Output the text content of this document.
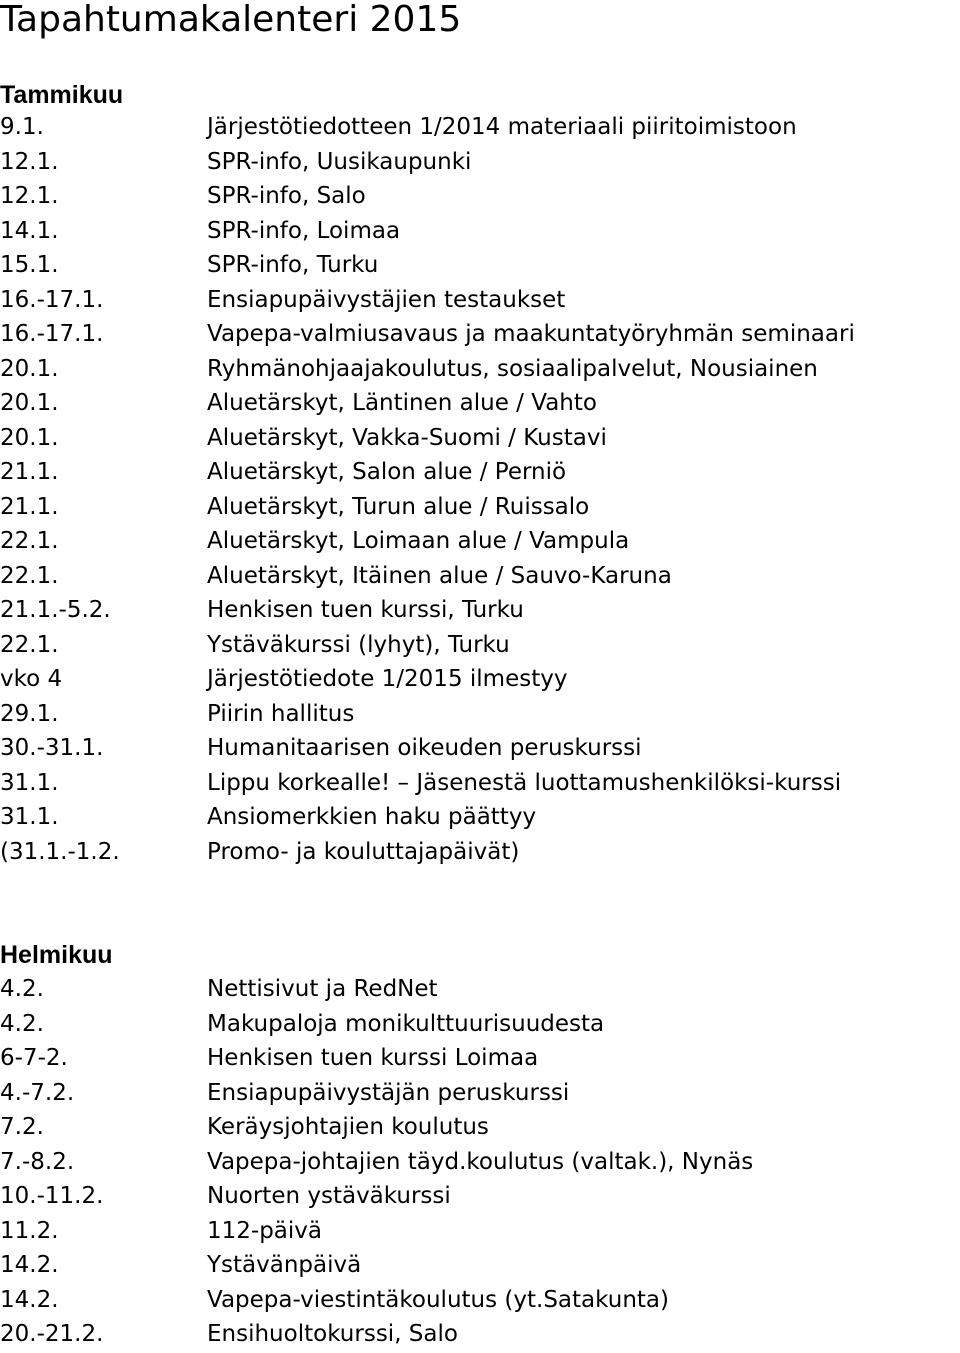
Tapahtumakalenteri 2015
Tammikuu
9.1.	Järjestötiedotteen 1/2014 materiaali piiritoimistoon
12.1.	SPR-info, Uusikaupunki
12.1.	SPR-info, Salo
14.1.	SPR-info, Loimaa
15.1.	SPR-info, Turku
16.-17.1.	Ensiapupäivystäjien testaukset
16.-17.1.	Vapepa-valmiusavaus ja maakuntatyöryhmän seminaari
20.1.	Ryhmänohjaajakoulutus, sosiaalipalvelut, Nousiainen
20.1.	Aluetärskyt, Läntinen alue / Vahto
20.1.	Aluetärskyt, Vakka-Suomi / Kustavi
21.1.	Aluetärskyt, Salon alue / Perniö
21.1.	Aluetärskyt, Turun alue / Ruissalo
22.1.	Aluetärskyt, Loimaan alue / Vampula
22.1.	Aluetärskyt, Itäinen alue / Sauvo-Karuna
21.1.-5.2.	Henkisen tuen kurssi, Turku
22.1.	Ystäväkurssi (lyhyt), Turku
vko 4	Järjestötiedote 1/2015 ilmestyy
29.1.	Piirin hallitus
30.-31.1.	Humanitaarisen oikeuden peruskurssi
31.1.	Lippu korkealle! – Jäsenestä luottamushenkilöksi-kurssi
31.1.	Ansiomerkkien haku päättyy
(31.1.-1.2.	Promo- ja kouluttajapäivät)
Helmikuu
4.2.	Nettisivut ja RedNet
4.2.	Makupaloja monikulttuurisuudesta
6-7-2.	Henkisen tuen kurssi Loimaa
4.-7.2.	Ensiapupäivystäjän peruskurssi
7.2.	Keräysjohtajien koulutus
7.-8.2.	Vapepa-johtajien täyd.koulutus (valtak.), Nynäs
10.-11.2.	Nuorten ystäväkurssi
11.2.	112-päivä
14.2.	Ystävänpäivä
14.2.	Vapepa-viestintäkoulutus (yt.Satakunta)
20.-21.2.	Ensihuoltokurssi, Salo
